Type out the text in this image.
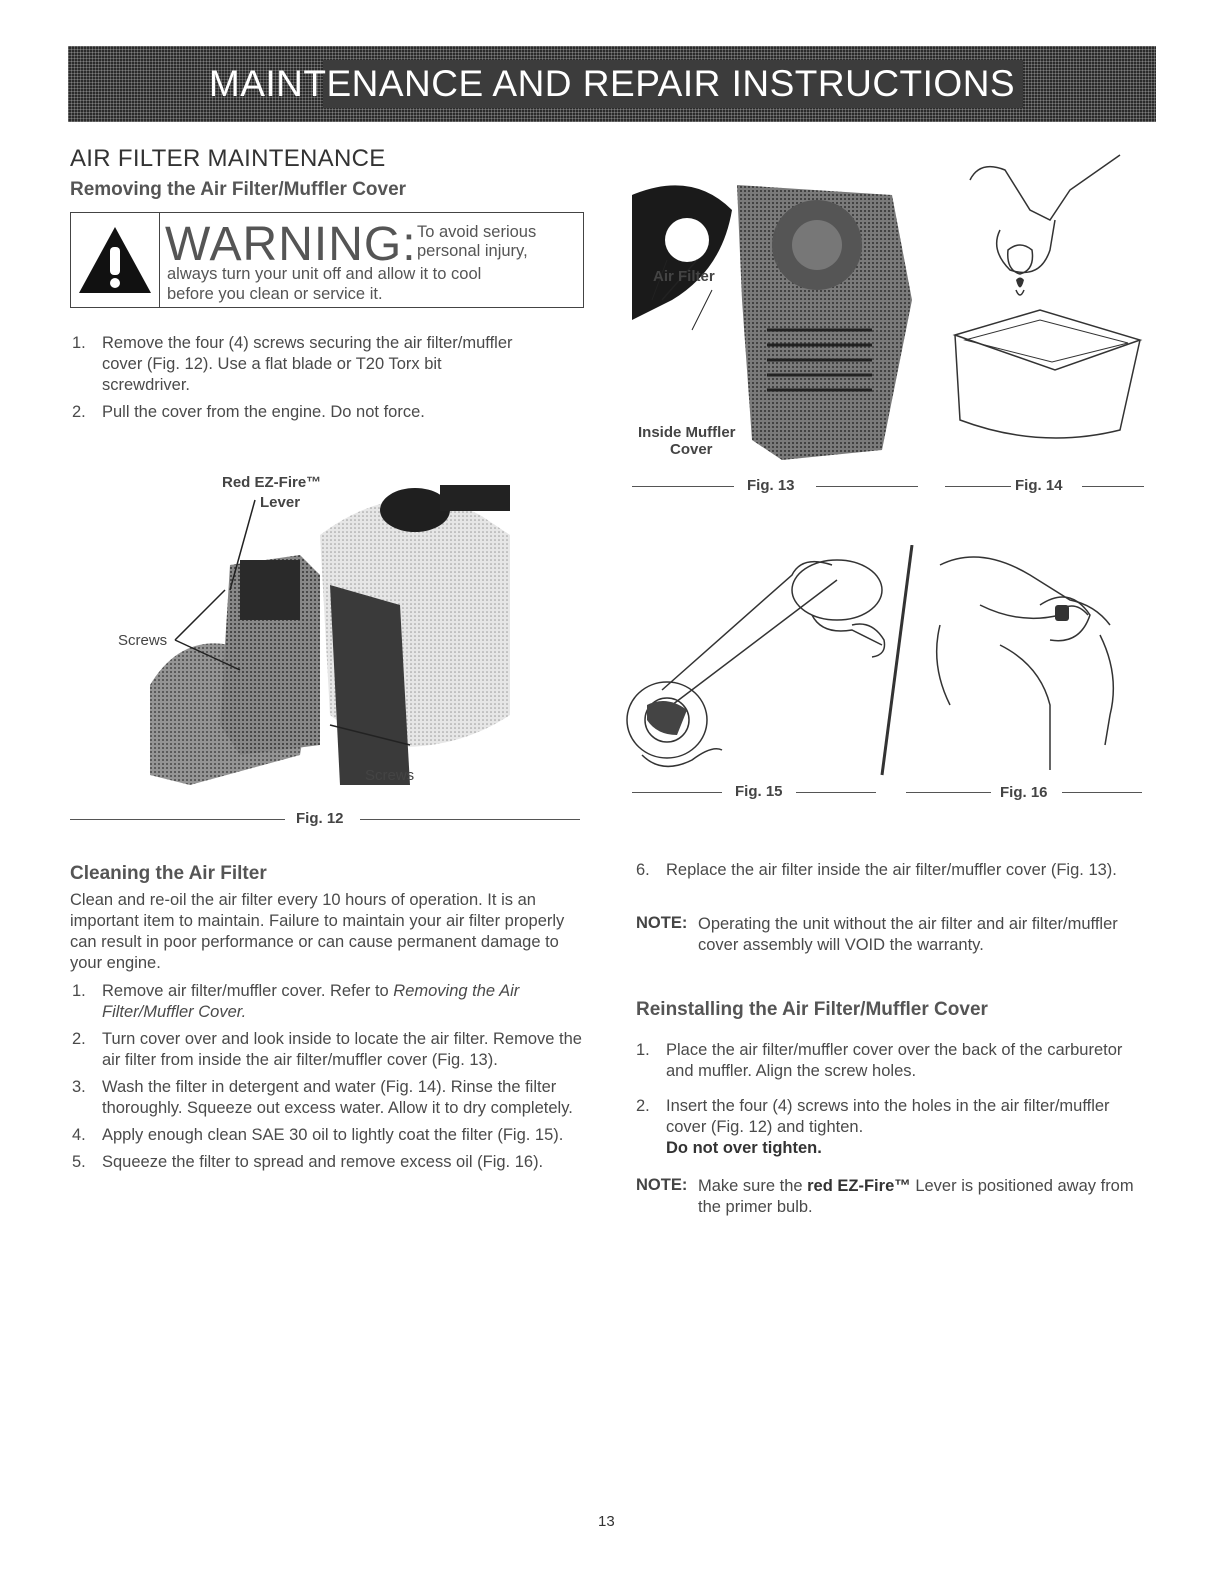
MAINTENANCE AND REPAIR INSTRUCTIONS
AIR FILTER MAINTENANCE
Removing the Air Filter/Muffler Cover
WARNING: To avoid serious
personal injury,
always turn your unit off and allow it to cool
before you clean or service it.
1. Remove the four (4) screws securing the air filter/muffler cover (Fig. 12). Use a flat blade or T20 Torx bit screwdriver.
2. Pull the cover from the engine. Do not force.
Red EZ-Fire™
Lever
Screws
Screws
Fig. 12
Air Filter
Inside Muffler
Cover
Fig. 13	Fig. 14
Fig. 15	Fig. 16
Cleaning the Air Filter

Clean and re-oil the air filter every 10 hours of operation. It is an important item to maintain. Failure to maintain your air filter properly can result in poor performance or can cause permanent damage to your engine.

1. Remove air filter/muffler cover. Refer to Removing the Air Filter/Muffler Cover.
2. Turn cover over and look inside to locate the air filter. Remove the air filter from inside the air filter/muffler cover (Fig. 13).
3. Wash the filter in detergent and water (Fig. 14). Rinse the filter thoroughly. Squeeze out excess water. Allow it to dry completely.
4. Apply enough clean SAE 30 oil to lightly coat the filter (Fig. 15).
5. Squeeze the filter to spread and remove excess oil (Fig. 16).
6. Replace the air filter inside the air filter/muffler cover (Fig. 13).
NOTE: Operating the unit without the air filter and air filter/muffler cover assembly will VOID the warranty.
Reinstalling the Air Filter/Muffler Cover
1. Place the air filter/muffler cover over the back of the carburetor and muffler. Align the screw holes.
2. Insert the four (4) screws into the holes in the air filter/muffler cover (Fig. 12) and tighten.
Do not over tighten.
NOTE: Make sure the red EZ-Fire™ Lever is positioned away from the primer bulb.
13
